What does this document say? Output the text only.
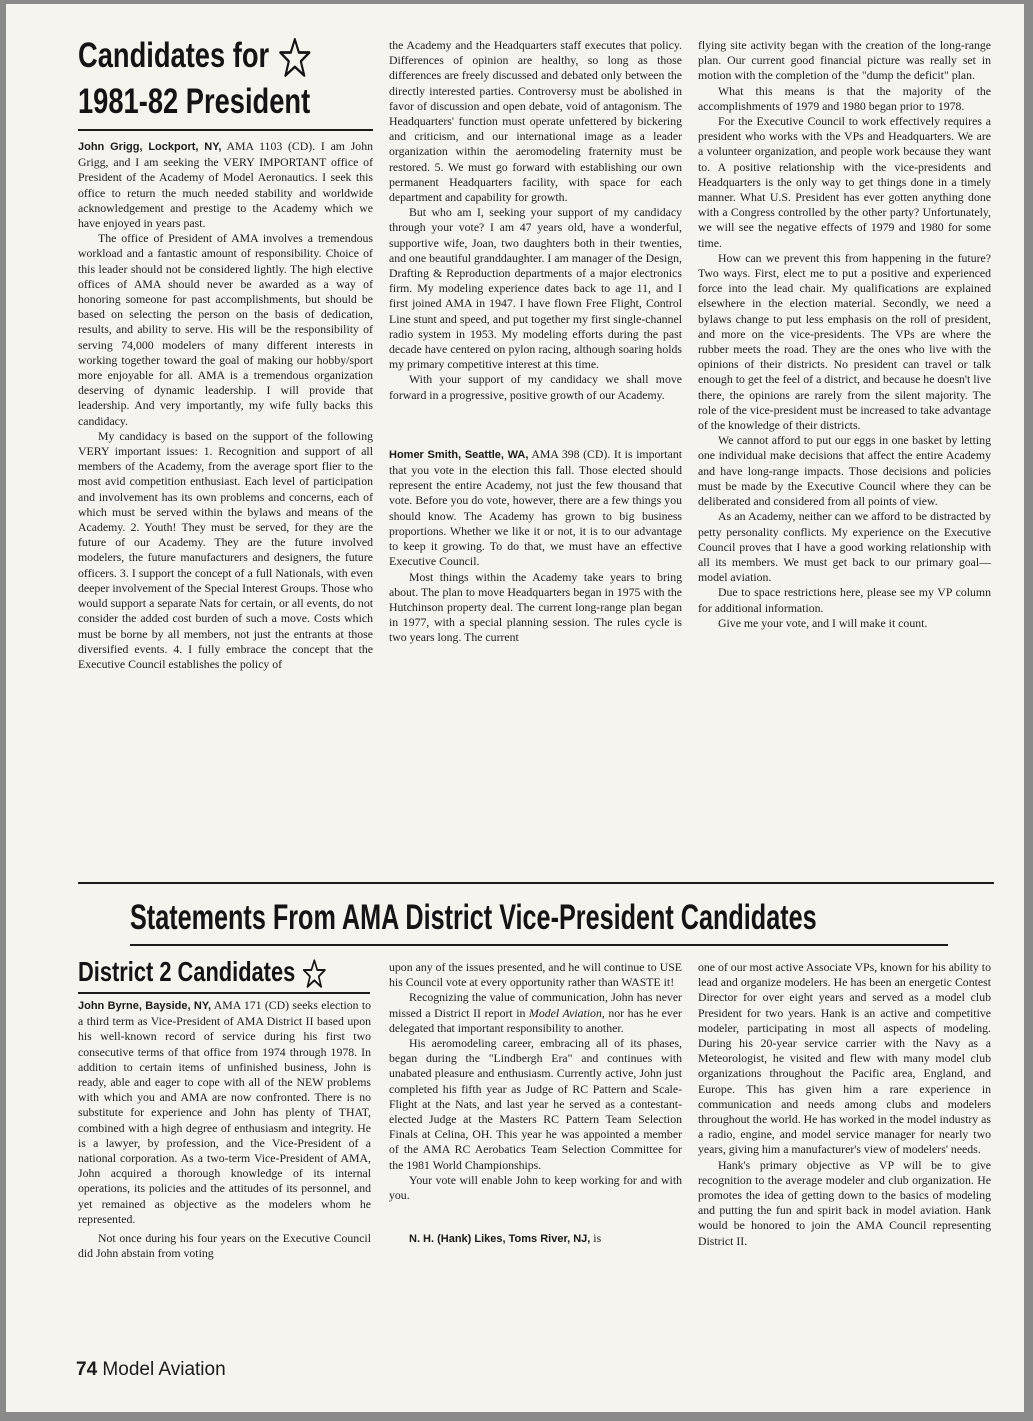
Candidates for
1981-82 President

John Grigg, Lockport, NY, AMA 1103 (CD). I am John Grigg, and I am seeking the VERY IMPORTANT office of President of the Academy of Model Aeronautics. I seek this office to return the much needed stability and worldwide acknowledgement and prestige to the Academy which we have enjoyed in years past.

The office of President of AMA involves a tremendous workload and a fantastic amount of responsibility. Choice of this leader should not be considered lightly. The high elective offices of AMA should never be awarded as a way of honoring someone for past accomplishments, but should be based on selecting the person on the basis of dedication, results, and ability to serve. His will be the responsibility of serving 74,000 modelers of many different interests in working together toward the goal of making our hobby/sport more enjoyable for all. AMA is a tremendous organization deserving of dynamic leadership. I will provide that leadership. And very importantly, my wife fully backs this candidacy.

My candidacy is based on the support of the following VERY important issues: 1. Recognition and support of all members of the Academy, from the average sport flier to the most avid competition enthusiast. Each level of participation and involvement has its own problems and concerns, each of which must be served within the bylaws and means of the Academy. 2. Youth! They must be served, for they are the future of our Academy. They are the future involved modelers, the future manufacturers and designers, the future officers. 3. I support the concept of a full Nationals, with even deeper involvement of the Special Interest Groups. Those who would support a separate Nats for certain, or all events, do not consider the added cost burden of such a move. Costs which must be borne by all members, not just the entrants at those diversified events. 4. I fully embrace the concept that the Executive Council establishes the policy of

the Academy and the Headquarters staff executes that policy. Differences of opinion are healthy, so long as those differences are freely discussed and debated only between the directly interested parties. Controversy must be abolished in favor of discussion and open debate, void of antagonism. The Headquarters' function must operate unfettered by bickering and criticism, and our international image as a leader organization within the aeromodeling fraternity must be restored. 5. We must go forward with establishing our own permanent Headquarters facility, with space for each department and capability for growth.

But who am I, seeking your support of my candidacy through your vote? I am 47 years old, have a wonderful, supportive wife, Joan, two daughters both in their twenties, and one beautiful granddaughter. I am manager of the Design, Drafting & Reproduction departments of a major electronics firm. My modeling experience dates back to age 11, and I first joined AMA in 1947. I have flown Free Flight, Control Line stunt and speed, and put together my first single-channel radio system in 1953. My modeling efforts during the past decade have centered on pylon racing, although soaring holds my primary competitive interest at this time.

With your support of my candidacy we shall move forward in a progressive, positive growth of our Academy.

Homer Smith, Seattle, WA, AMA 398 (CD). It is important that you vote in the election this fall. Those elected should represent the entire Academy, not just the few thousand that vote. Before you do vote, however, there are a few things you should know. The Academy has grown to big business proportions. Whether we like it or not, it is to our advantage to keep it growing. To do that, we must have an effective Executive Council.

Most things within the Academy take years to bring about. The plan to move Headquarters began in 1975 with the Hutchinson property deal. The current long-range plan began in 1977, with a special planning session. The rules cycle is two years long. The current

flying site activity began with the creation of the long-range plan. Our current good financial picture was really set in motion with the completion of the "dump the deficit" plan.

What this means is that the majority of the accomplishments of 1979 and 1980 began prior to 1978.

For the Executive Council to work effectively requires a president who works with the VPs and Headquarters. We are a volunteer organization, and people work because they want to. A positive relationship with the vice-presidents and Headquarters is the only way to get things done in a timely manner. What U.S. President has ever gotten anything done with a Congress controlled by the other party? Unfortunately, we will see the negative effects of 1979 and 1980 for some time.

How can we prevent this from happening in the future? Two ways. First, elect me to put a positive and experienced force into the lead chair. My qualifications are explained elsewhere in the election material. Secondly, we need a bylaws change to put less emphasis on the roll of president, and more on the vice-presidents. The VPs are where the rubber meets the road. They are the ones who live with the opinions of their districts. No president can travel or talk enough to get the feel of a district, and because he doesn't live there, the opinions are rarely from the silent majority. The role of the vice-president must be increased to take advantage of the knowledge of their districts.

We cannot afford to put our eggs in one basket by letting one individual make decisions that affect the entire Academy and have long-range impacts. Those decisions and policies must be made by the Executive Council where they can be deliberated and considered from all points of view.

As an Academy, neither can we afford to be distracted by petty personality conflicts. My experience on the Executive Council proves that I have a good working relationship with all its members. We must get back to our primary goal—model aviation.

Due to space restrictions here, please see my VP column for additional information.

Give me your vote, and I will make it count.

Statements From AMA District Vice-President Candidates
District 2 Candidates

John Byrne, Bayside, NY, AMA 171 (CD) seeks election to a third term as Vice-President of AMA District II based upon his well-known record of service during his first two consecutive terms of that office from 1974 through 1978. In addition to certain items of unfinished business, John is ready, able and eager to cope with all of the NEW problems with which you and AMA are now confronted. There is no substitute for experience and John has plenty of THAT, combined with a high degree of enthusiasm and integrity. He is a lawyer, by profession, and the Vice-President of a national corporation. As a two-term Vice-President of AMA, John acquired a thorough knowledge of its internal operations, its policies and the attitudes of its personnel, and yet remained as objective as the modelers whom he represented.

Not once during his four years on the Executive Council did John abstain from voting

upon any of the issues presented, and he will continue to USE his Council vote at every opportunity rather than WASTE it!

Recognizing the value of communication, John has never missed a District II report in Model Aviation, nor has he ever delegated that important responsibility to another.

His aeromodeling career, embracing all of its phases, began during the "Lindbergh Era" and continues with unabated pleasure and enthusiasm. Currently active, John just completed his fifth year as Judge of RC Pattern and Scale-Flight at the Nats, and last year he served as a contestant-elected Judge at the Masters RC Pattern Team Selection Finals at Celina, OH. This year he was appointed a member of the AMA RC Aerobatics Team Selection Committee for the 1981 World Championships.

Your vote will enable John to keep working for and with you.

N. H. (Hank) Likes, Toms River, NJ, is

one of our most active Associate VPs, known for his ability to lead and organize modelers. He has been an energetic Contest Director for over eight years and served as a model club President for two years. Hank is an active and competitive modeler, participating in most all aspects of modeling. During his 20-year service carrier with the Navy as a Meteorologist, he visited and flew with many model club organizations throughout the Pacific area, England, and Europe. This has given him a rare experience in communication and needs among clubs and modelers throughout the world. He has worked in the model industry as a radio, engine, and model service manager for nearly two years, giving him a manufacturer's view of modelers' needs.

Hank's primary objective as VP will be to give recognition to the average modeler and club organization. He promotes the idea of getting down to the basics of modeling and putting the fun and spirit back in model aviation. Hank would be honored to join the AMA Council representing District II.

74 Model Aviation
